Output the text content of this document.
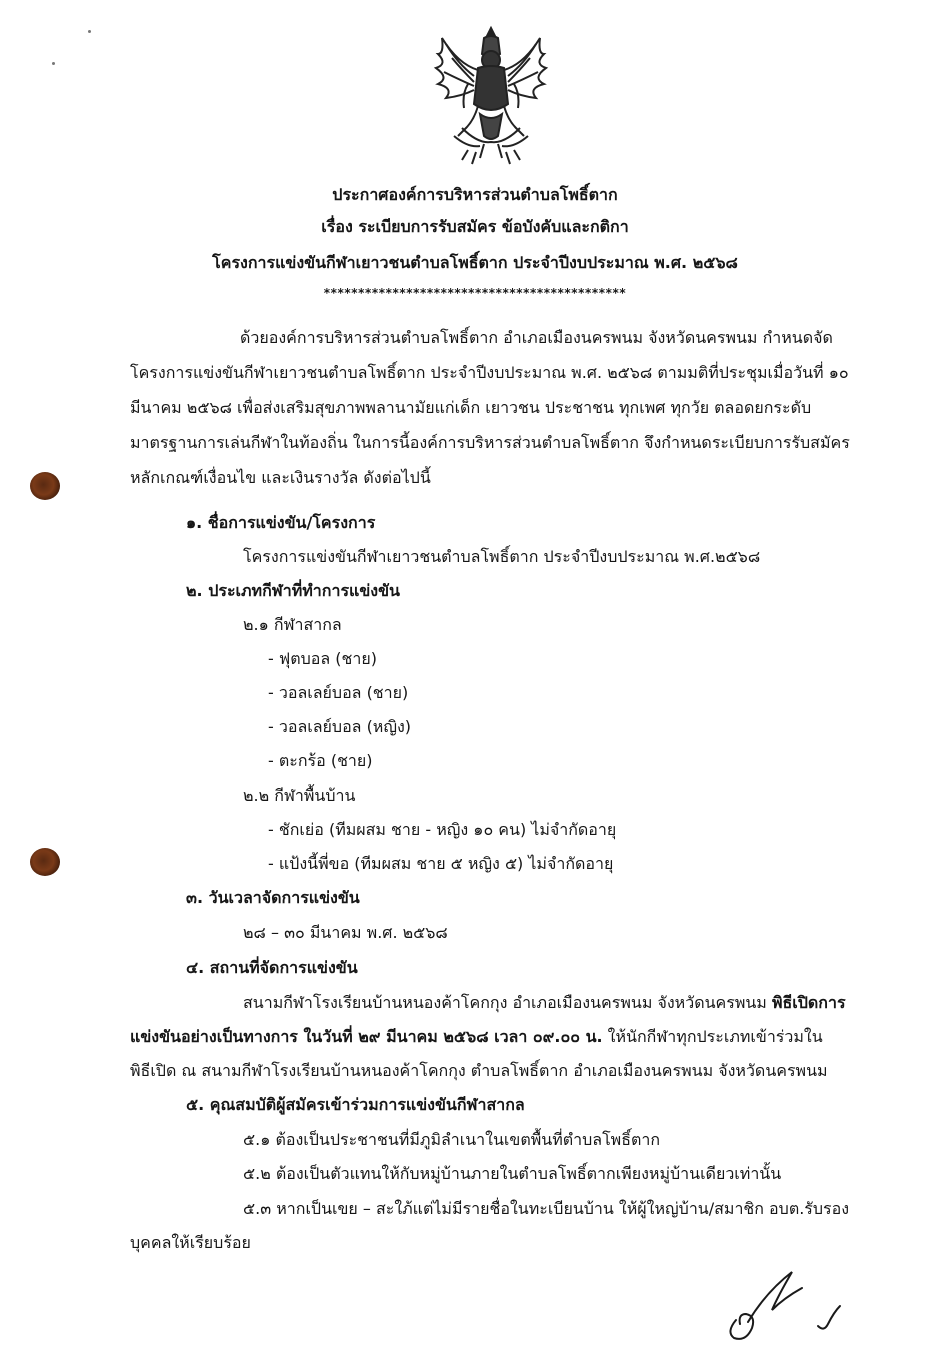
ประกาศองค์การบริหารส่วนตำบลโพธิ์ตาก
เรื่อง ระเบียบการรับสมัคร ข้อบังคับและกติกา
โครงการแข่งขันกีฬาเยาวชนตำบลโพธิ์ตาก ประจำปีงบประมาณ พ.ศ. ๒๕๖๘
********************************************
ด้วยองค์การบริหารส่วนตำบลโพธิ์ตาก อำเภอเมืองนครพนม จังหวัดนครพนม กำหนดจัด
โครงการแข่งขันกีฬาเยาวชนตำบลโพธิ์ตาก ประจำปีงบประมาณ พ.ศ. ๒๕๖๘ ตามมติที่ประชุมเมื่อวันที่ ๑๐
มีนาคม ๒๕๖๘ เพื่อส่งเสริมสุขภาพพลานามัยแก่เด็ก เยาวชน ประชาชน ทุกเพศ ทุกวัย ตลอดยกระดับ
มาตรฐานการเล่นกีฬาในท้องถิ่น ในการนี้องค์การบริหารส่วนตำบลโพธิ์ตาก จึงกำหนดระเบียบการรับสมัคร
หลักเกณฑ์เงื่อนไข และเงินรางวัล ดังต่อไปนี้
๑. ชื่อการแข่งขัน/โครงการ
โครงการแข่งขันกีฬาเยาวชนตำบลโพธิ์ตาก ประจำปีงบประมาณ พ.ศ.๒๕๖๘
๒. ประเภทกีฬาที่ทำการแข่งขัน
๒.๑ กีฬาสากล
- ฟุตบอล (ชาย)
- วอลเลย์บอล (ชาย)
- วอลเลย์บอล (หญิง)
- ตะกร้อ (ชาย)
๒.๒ กีฬาพื้นบ้าน
- ชักเย่อ (ทีมผสม ชาย - หญิง ๑๐ คน) ไม่จำกัดอายุ
- แป้งนี้พี่ขอ (ทีมผสม ชาย ๕ หญิง ๕) ไม่จำกัดอายุ
๓. วันเวลาจัดการแข่งขัน
๒๘ – ๓๐ มีนาคม พ.ศ. ๒๕๖๘
๔. สถานที่จัดการแข่งขัน
สนามกีฬาโรงเรียนบ้านหนองค้าโคกกุง อำเภอเมืองนครพนม จังหวัดนครพนม พิธีเปิดการ
แข่งขันอย่างเป็นทางการ ในวันที่ ๒๙ มีนาคม ๒๕๖๘ เวลา ๐๙.๐๐ น. ให้นักกีฬาทุกประเภทเข้าร่วมใน
พิธีเปิด ณ สนามกีฬาโรงเรียนบ้านหนองค้าโคกกุง ตำบลโพธิ์ตาก อำเภอเมืองนครพนม จังหวัดนครพนม
๕. คุณสมบัติผู้สมัครเข้าร่วมการแข่งขันกีฬาสากล
๕.๑ ต้องเป็นประชาชนที่มีภูมิลำเนาในเขตพื้นที่ตำบลโพธิ์ตาก
๕.๒ ต้องเป็นตัวแทนให้กับหมู่บ้านภายในตำบลโพธิ์ตากเพียงหมู่บ้านเดียวเท่านั้น
๕.๓ หากเป็นเขย – สะใภ้แต่ไม่มีรายชื่อในทะเบียนบ้าน ให้ผู้ใหญ่บ้าน/สมาชิก อบต.รับรอง
บุคคลให้เรียบร้อย
